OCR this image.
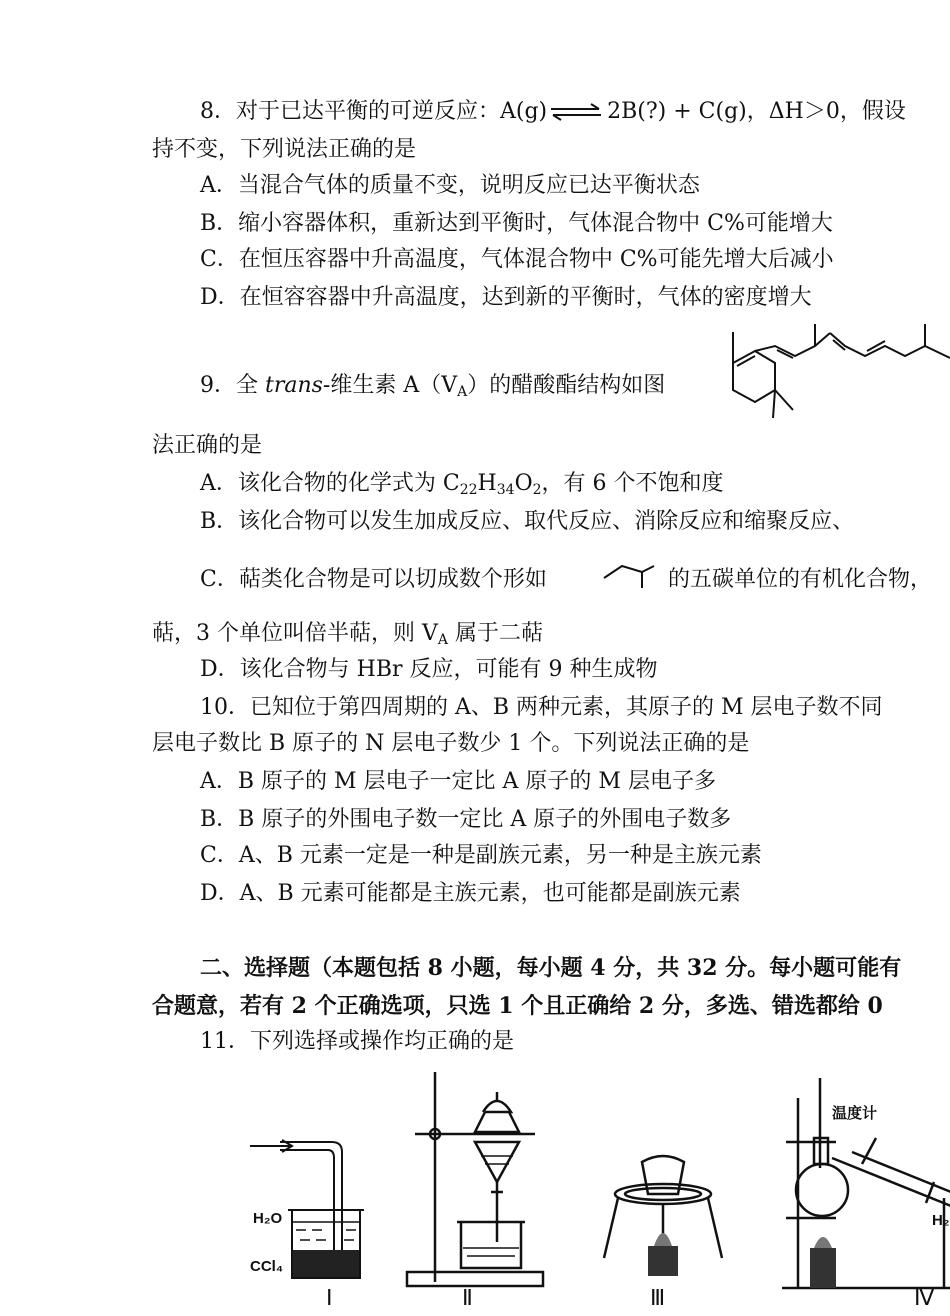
8．对于已达平衡的可逆反应：A(g) ⇌ 2B(?) + C(g)，ΔH＞0，假设
持不变，下列说法正确的是
A．当混合气体的质量不变，说明反应已达平衡状态
B．缩小容器体积，重新达到平衡时，气体混合物中 C%可能增大
C．在恒压容器中升高温度，气体混合物中 C%可能先增大后减小
D．在恒容容器中升高温度，达到新的平衡时，气体的密度增大
9．全 trans-维生素 $A(V_A)$的醋酸酯结构如图
法正确的是
A．该化合物的化学式为 $C_{22}H_{34}O_2$，有 6 个不饱和度
B．该化合物可以发生加成反应、取代反应、消除反应和缩聚反应、
C．萜类化合物是可以切成数个形如	的五碳单位的有机化合物，
萜，3 个单位叫倍半萜，则 $V_A$ 属于二萜
D．该化合物与 HBr 反应，可能有 9 种生成物
10．已知位于第四周期的 A、B 两种元素，其原子的 M 层电子数不同
层电子数比 B 原子的 N 层电子数少 1 个。下列说法正确的是
A．B 原子的 M 层电子一定比 A 原子的 M 层电子多
B．B 原子的外围电子数一定比 A 原子的外围电子数多
C．A、B 元素一定是一种是副族元素，另一种是主族元素
D．A、B 元素可能都是主族元素，也可能都是副族元素
二、选择题（本题包括 8 小题，每小题 4 分，共 32 分。每小题可能有
合题意，若有 2 个正确选项，只选 1 个且正确给 2 分，多选、错选都给 0
11．下列选择或操作均正确的是
H₂O
CCl₄
Ⅰ	Ⅱ	Ⅲ
温度计
H₂
Ⅳ
